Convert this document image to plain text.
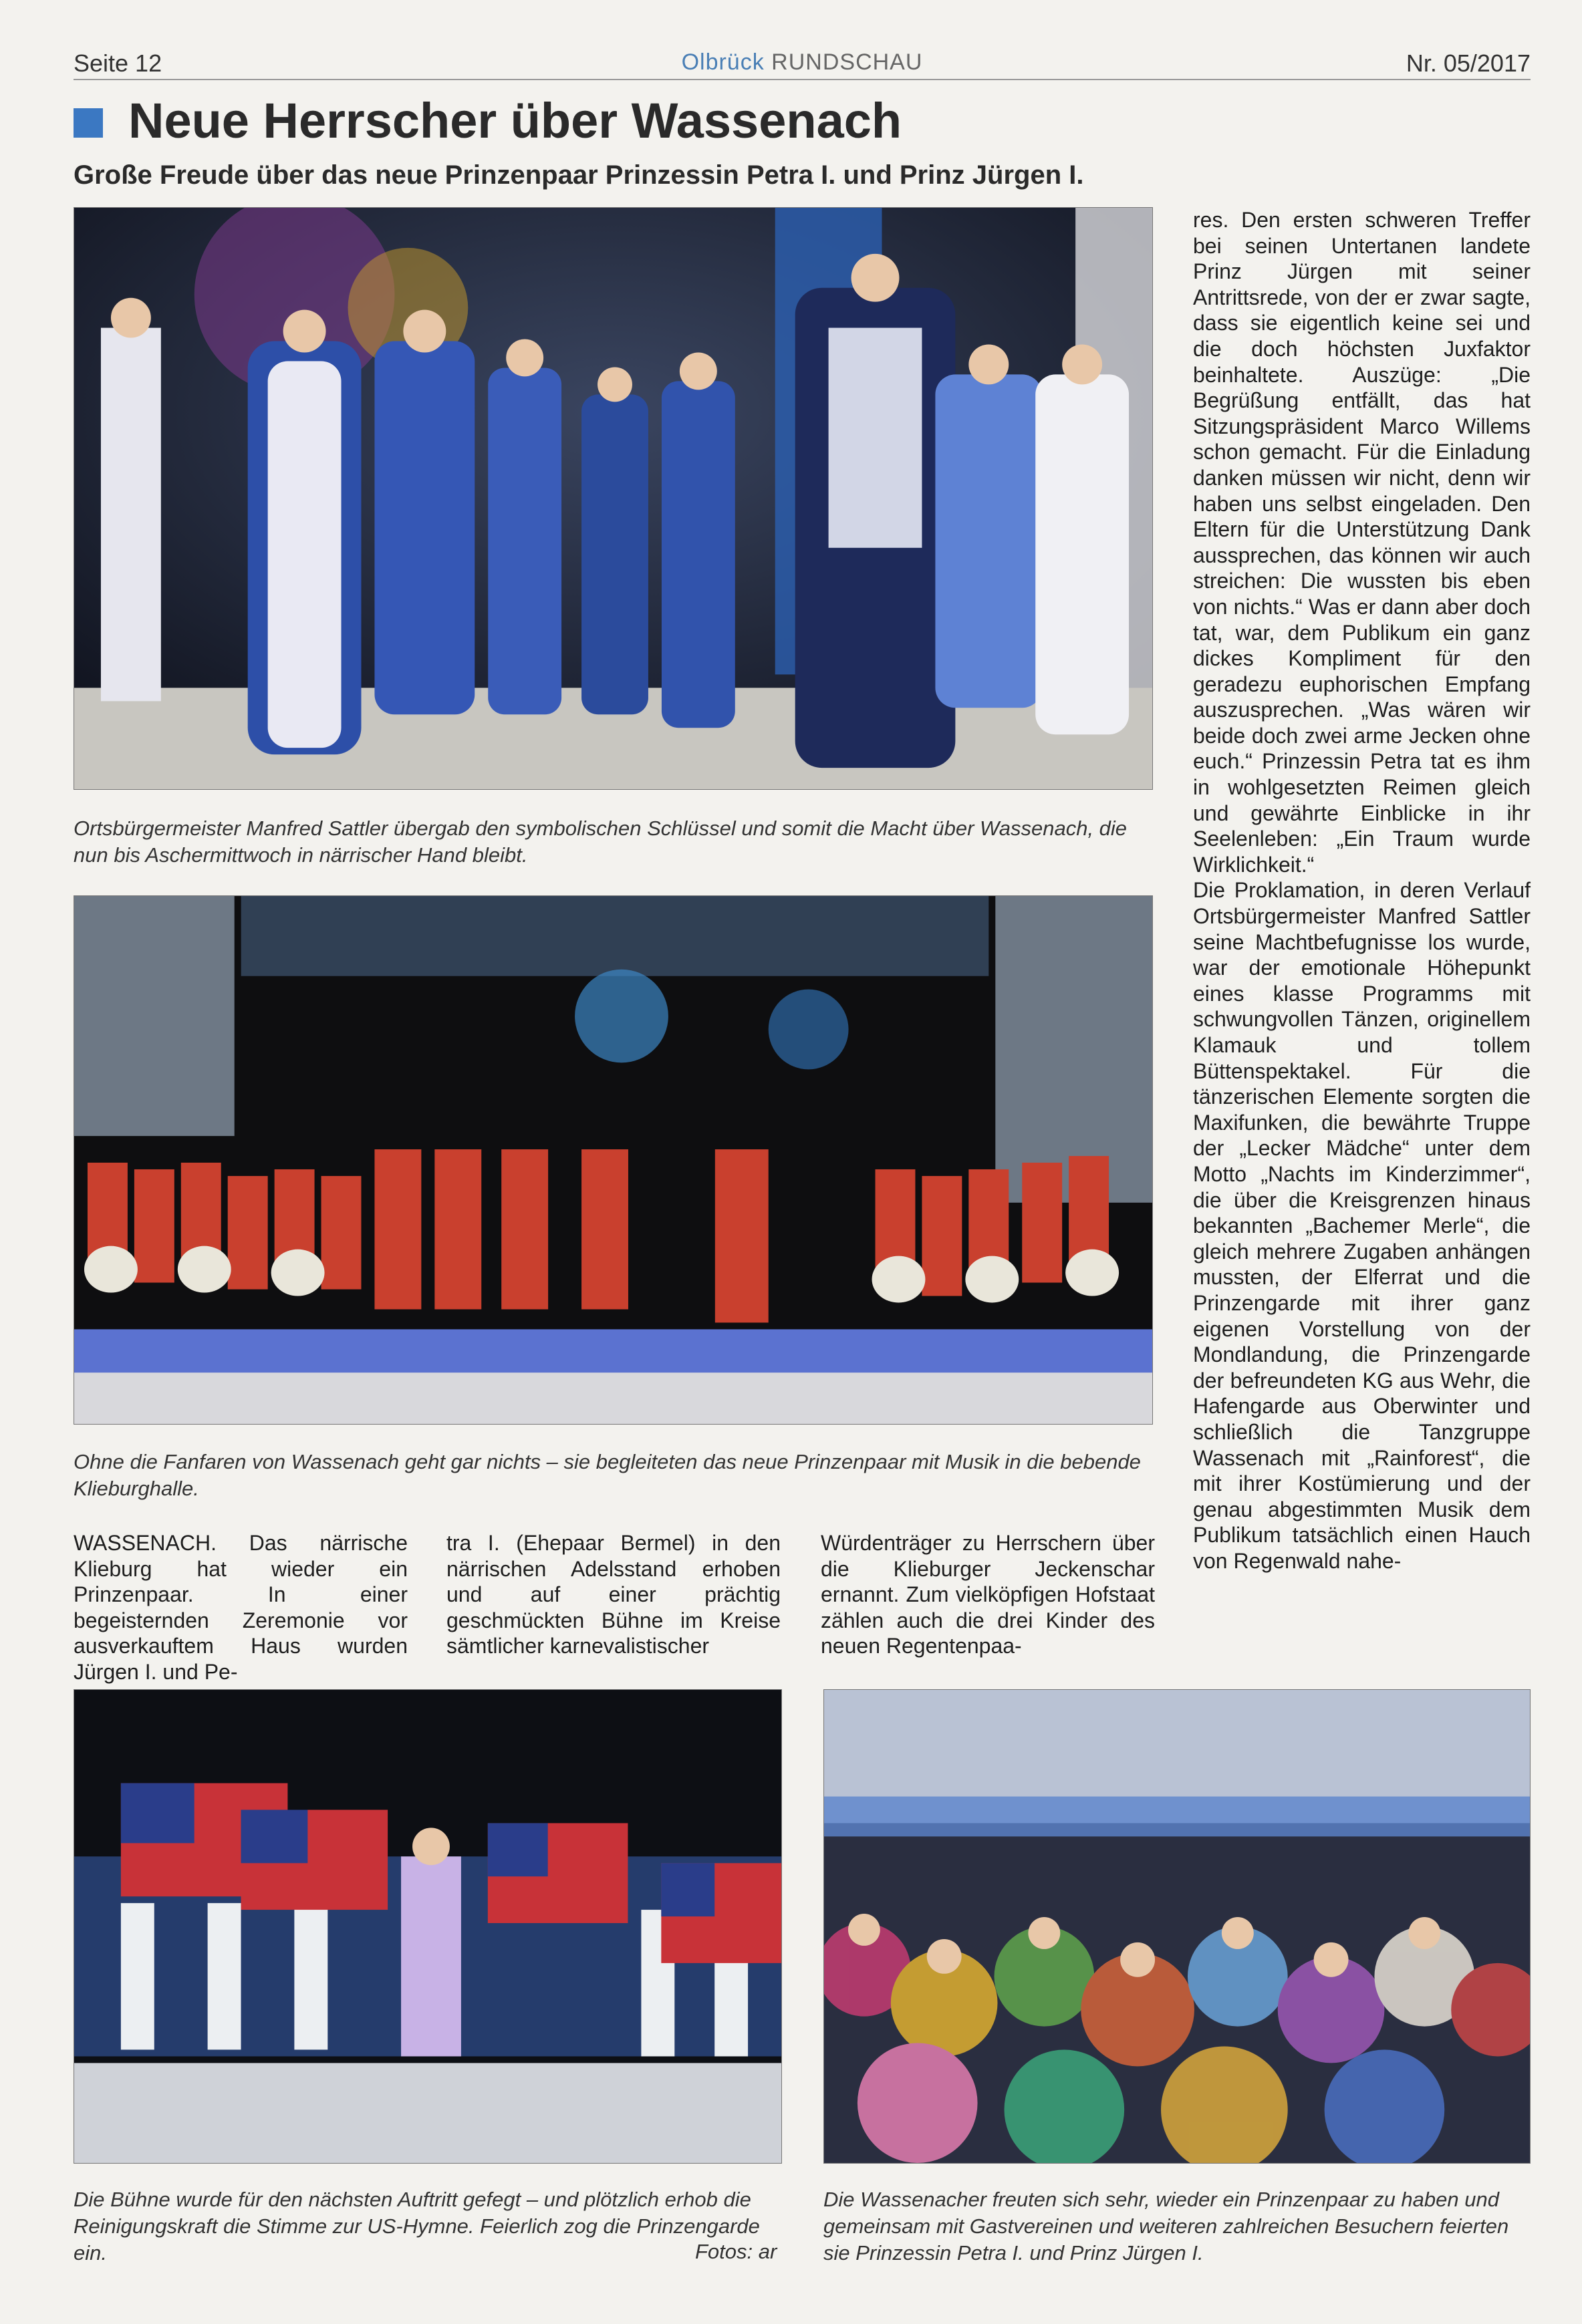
Seite 12	Olbrück RUNDSCHAU	Nr. 05/2017
Neue Herrscher über Wassenach
Große Freude über das neue Prinzenpaar Prinzessin Petra I. und Prinz Jürgen I.
Ortsbürgermeister Manfred Sattler übergab den symbolischen Schlüssel und somit die Macht über Wassenach, die nun bis Aschermittwoch in närrischer Hand bleibt.
Ohne die Fanfaren von Wassenach geht gar nichts – sie begleiteten das neue Prinzenpaar mit Musik in die bebende Klieburghalle.
WASSENACH. Das närrische Klieburg hat wieder ein Prinzenpaar. In einer begeisternden Zeremonie vor ausverkauftem Haus wurden Jürgen I. und Pe-
tra I. (Ehepaar Bermel) in den närrischen Adelsstand erhoben und auf einer prächtig geschmückten Bühne im Kreise sämtlicher karnevalistischer
Würdenträger zu Herrschern über die Klieburger Jeckenschar ernannt. Zum vielköpfigen Hofstaat zählen auch die drei Kinder des neuen Regentenpaa-

res. Den ersten schweren Treffer bei seinen Untertanen landete Prinz Jürgen mit seiner Antrittsrede, von der er zwar sagte, dass sie eigentlich keine sei und die doch höchsten Juxfaktor beinhaltete. Auszüge: „Die Begrüßung entfällt, das hat Sitzungspräsident Marco Willems schon gemacht. Für die Einladung danken müssen wir nicht, denn wir haben uns selbst eingeladen. Den Eltern für die Unterstützung Dank aussprechen, das können wir auch streichen: Die wussten bis eben von nichts.“ Was er dann aber doch tat, war, dem Publikum ein ganz dickes Kompliment für den geradezu euphorischen Empfang auszusprechen. „Was wären wir beide doch zwei arme Jecken ohne euch.“ Prinzessin Petra tat es ihm in wohlgesetzten Reimen gleich und gewährte Einblicke in ihr Seelenleben: „Ein Traum wurde Wirklichkeit.“

Die Proklamation, in deren Verlauf Ortsbürgermeister Manfred Sattler seine Machtbefugnisse los wurde, war der emotionale Höhepunkt eines klasse Programms mit schwungvollen Tänzen, originellem Klamauk und tollem Büttenspektakel. Für die tänzerischen Elemente sorgten die Maxifunken, die bewährte Truppe der „Lecker Mädche“ unter dem Motto „Nachts im Kinderzimmer“, die über die Kreisgrenzen hinaus bekannten „Bachemer Merle“, die gleich mehrere Zugaben anhängen mussten, der Elferrat und die Prinzengarde mit ihrer ganz eigenen Vorstellung von der Mondlandung, die Prinzengarde der befreundeten KG aus Wehr, die Hafengarde aus Oberwinter und schließlich die Tanzgruppe Wassenach mit „Rainforest“, die mit ihrer Kostümierung und der genau abgestimmten Musik dem Publikum tatsächlich einen Hauch von Regenwald nahe-

Die Bühne wurde für den nächsten Auftritt gefegt – und plötzlich erhob die Reinigungskraft die Stimme zur US-Hymne. Feierlich zog die Prinzengarde ein.	Fotos: ar
Die Wassenacher freuten sich sehr, wieder ein Prinzenpaar zu haben und gemeinsam mit Gastvereinen und weiteren zahlreichen Besuchern feierten sie Prinzessin Petra I. und Prinz Jürgen I.
